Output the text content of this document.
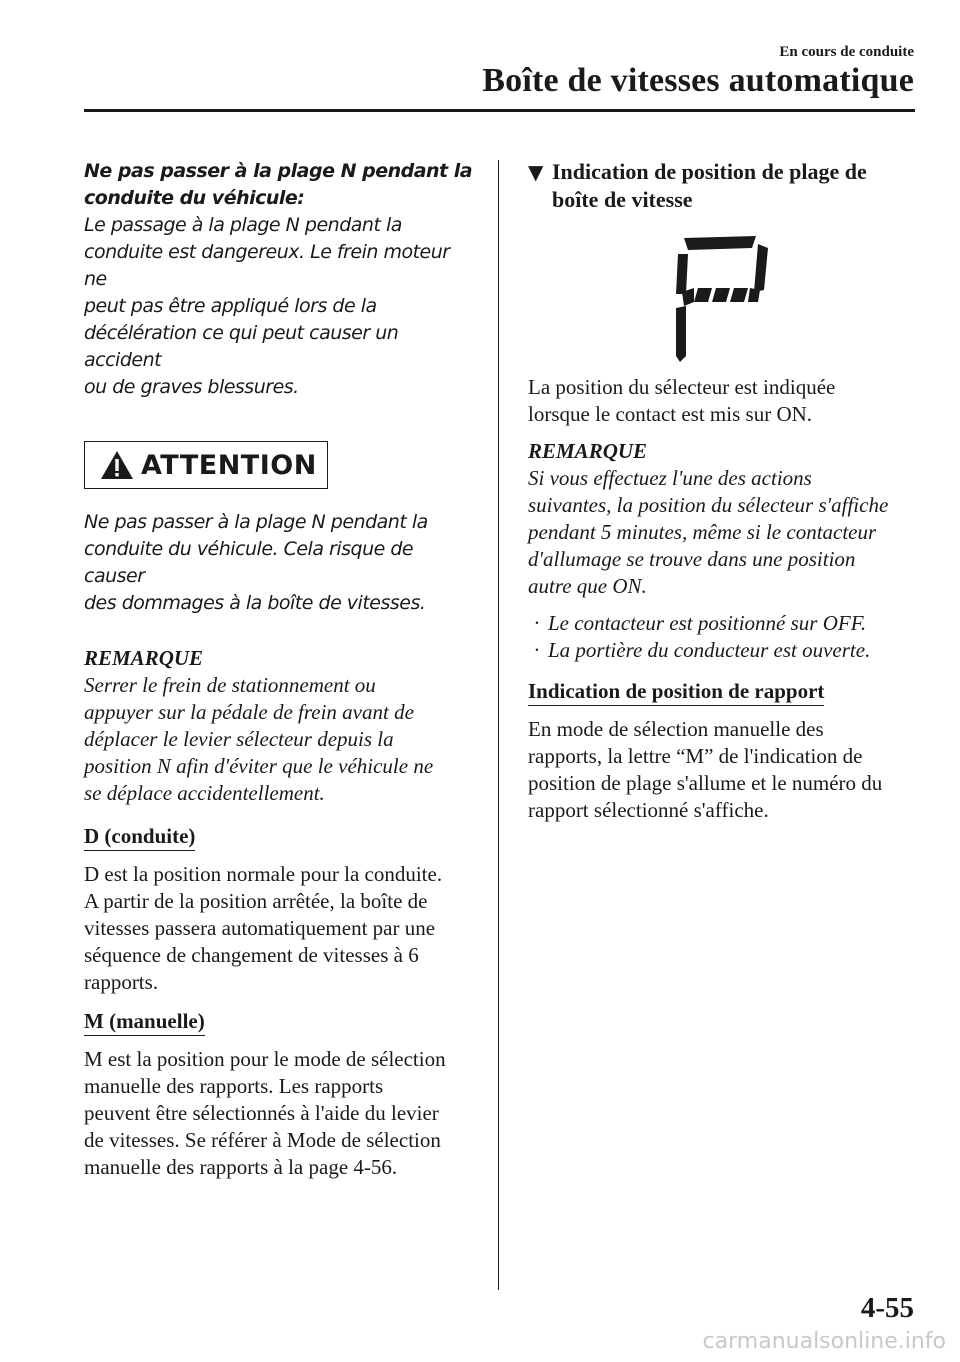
En cours de conduite
Boîte de vitesses automatique

Ne pas passer à la plage N pendant la

conduite du véhicule:

Le passage à la plage N pendant la

conduite est dangereux. Le frein moteur ne

peut pas être appliqué lors de la

décélération ce qui peut causer un accident

ou de graves blessures.

ATTENTION

Ne pas passer à la plage N pendant la

conduite du véhicule. Cela risque de causer

des dommages à la boîte de vitesses.

REMARQUE

Serrer le frein de stationnement ou

appuyer sur la pédale de frein avant de

déplacer le levier sélecteur depuis la

position N afin d'éviter que le véhicule ne

se déplace accidentellement.

D (conduite)

D est la position normale pour la conduite.

A partir de la position arrêtée, la boîte de

vitesses passera automatiquement par une

séquence de changement de vitesses à 6

rapports.

M (manuelle)

M est la position pour le mode de sélection

manuelle des rapports. Les rapports

peuvent être sélectionnés à l'aide du levier

de vitesses. Se référer à Mode de sélection

manuelle des rapports à la page 4-56.

▼ Indication de position de plage de

boîte de vitesse

La position du sélecteur est indiquée

lorsque le contact est mis sur ON.

REMARQUE

Si vous effectuez l'une des actions

suivantes, la position du sélecteur s'affiche

pendant 5 minutes, même si le contacteur

d'allumage se trouve dans une position

autre que ON.

· Le contacteur est positionné sur OFF.
· La portière du conducteur est ouverte.

Indication de position de rapport

En mode de sélection manuelle des

rapports, la lettre “M” de l'indication de

position de plage s'allume et le numéro du

rapport sélectionné s'affiche.

4-55
carmanualsonline.info
